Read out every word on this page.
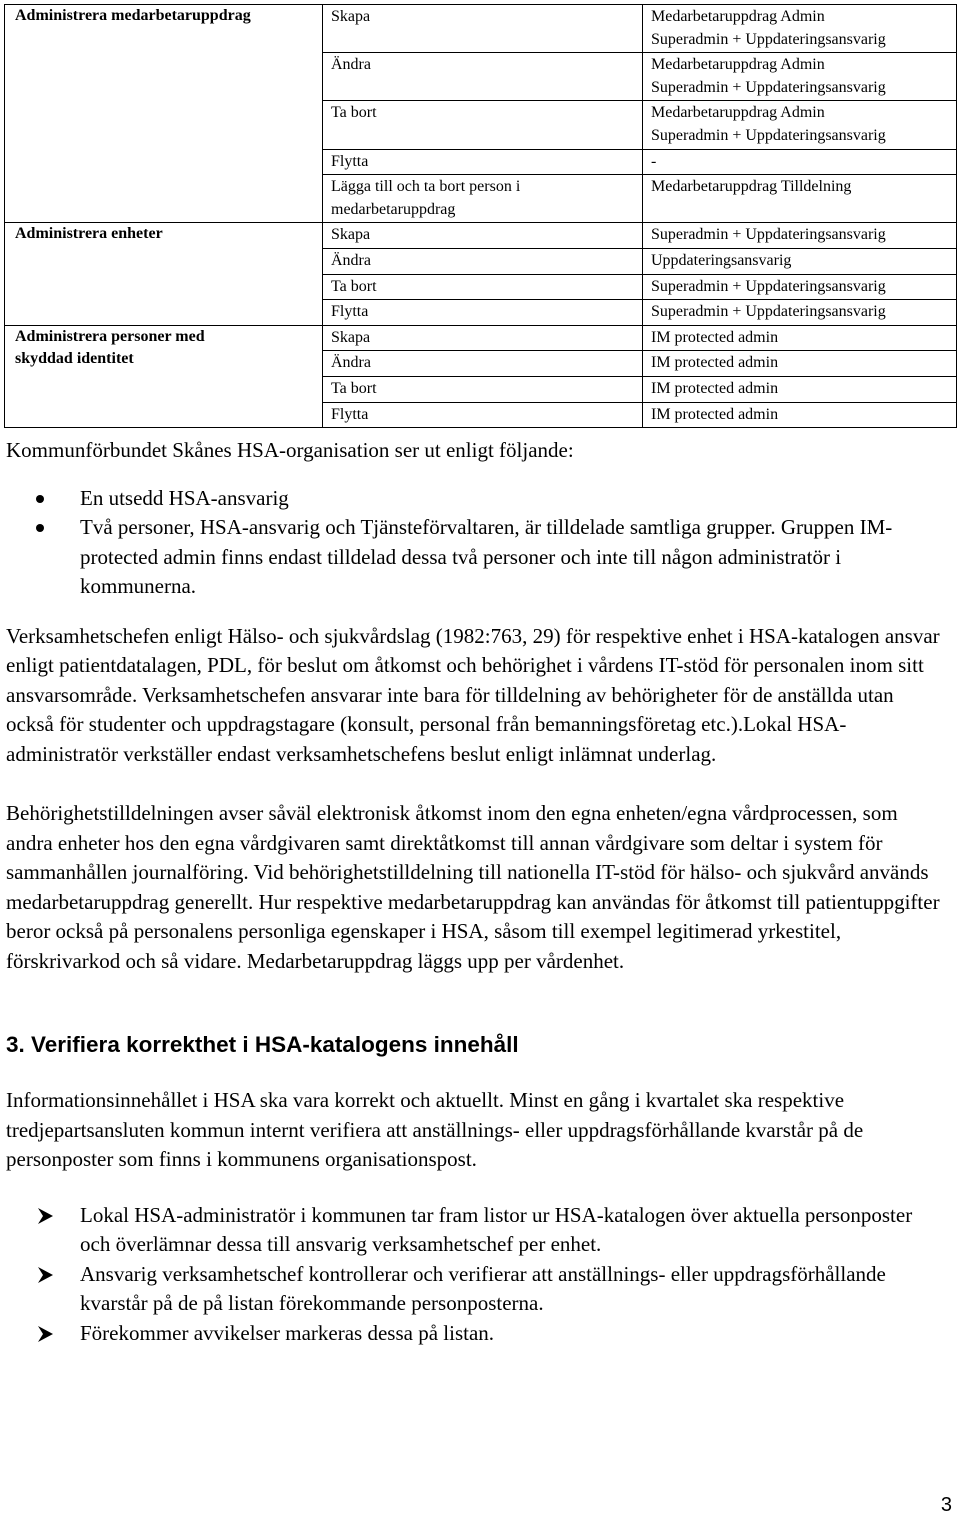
Administrera medarbetaruppdrag	Skapa	Medarbetaruppdrag Admin
Superadmin + Uppdateringsansvarig

	Ändra	Medarbetaruppdrag Admin
Superadmin + Uppdateringsansvarig

	Ta bort	Medarbetaruppdrag Admin
Superadmin + Uppdateringsansvarig

	Flytta	-

	Lägga till och ta bort person i
medarbetaruppdrag	Medarbetaruppdrag Tilldelning

Administrera enheter	Skapa	Superadmin + Uppdateringsansvarig

	Ändra	Uppdateringsansvarig

	Ta bort	Superadmin + Uppdateringsansvarig

	Flytta	Superadmin + Uppdateringsansvarig

Administrera personer med
skyddad identitet	Skapa	IM protected admin

	Ändra	IM protected admin

	Ta bort	IM protected admin

	Flytta	IM protected admin

Kommunförbundet Skånes HSA-organisation ser ut enligt följande:

En utsedd HSA-ansvarig
Två personer, HSA-ansvarig och Tjänsteförvaltaren, är tilldelade samtliga grupper. Gruppen IM-protected admin finns endast tilldelad dessa två personer och inte till någon administratör i kommunerna.

Verksamhetschefen enligt Hälso- och sjukvårdslag (1982:763, 29) för respektive enhet i HSA-katalogen ansvar enligt patientdatalagen, PDL, för beslut om åtkomst och behörighet i vårdens IT-stöd för personalen inom sitt ansvarsområde. Verksamhetschefen ansvarar inte bara för tilldelning av behörigheter för de anställda utan också för studenter och uppdragstagare (konsult, personal från bemanningsföretag etc.).Lokal HSA-administratör verkställer endast verksamhetschefens beslut enligt inlämnat underlag.

Behörighetstilldelningen avser såväl elektronisk åtkomst inom den egna enheten/egna vårdprocessen, som andra enheter hos den egna vårdgivaren samt direktåtkomst till annan vårdgivare som deltar i system för sammanhållen journalföring. Vid behörighetstilldelning till nationella IT-stöd för hälso- och sjukvård används medarbetaruppdrag generellt. Hur respektive medarbetaruppdrag kan användas för åtkomst till patientuppgifter beror också på personalens personliga egenskaper i HSA, såsom till exempel legitimerad yrkestitel, förskrivarkod och så vidare. Medarbetaruppdrag läggs upp per vårdenhet.

3. Verifiera korrekthet i HSA-katalogens innehåll

Informationsinnehållet i HSA ska vara korrekt och aktuellt. Minst en gång i kvartalet ska respektive tredjepartsansluten kommun internt verifiera att anställnings- eller uppdragsförhållande kvarstår på de personposter som finns i kommunens organisationspost.

Lokal HSA-administratör i kommunen tar fram listor ur HSA-katalogen över aktuella personposter och överlämnar dessa till ansvarig verksamhetschef per enhet.
Ansvarig verksamhetschef kontrollerar och verifierar att anställnings- eller uppdragsförhållande kvarstår på de på listan förekommande personposterna.
Förekommer avvikelser markeras dessa på listan.
3
